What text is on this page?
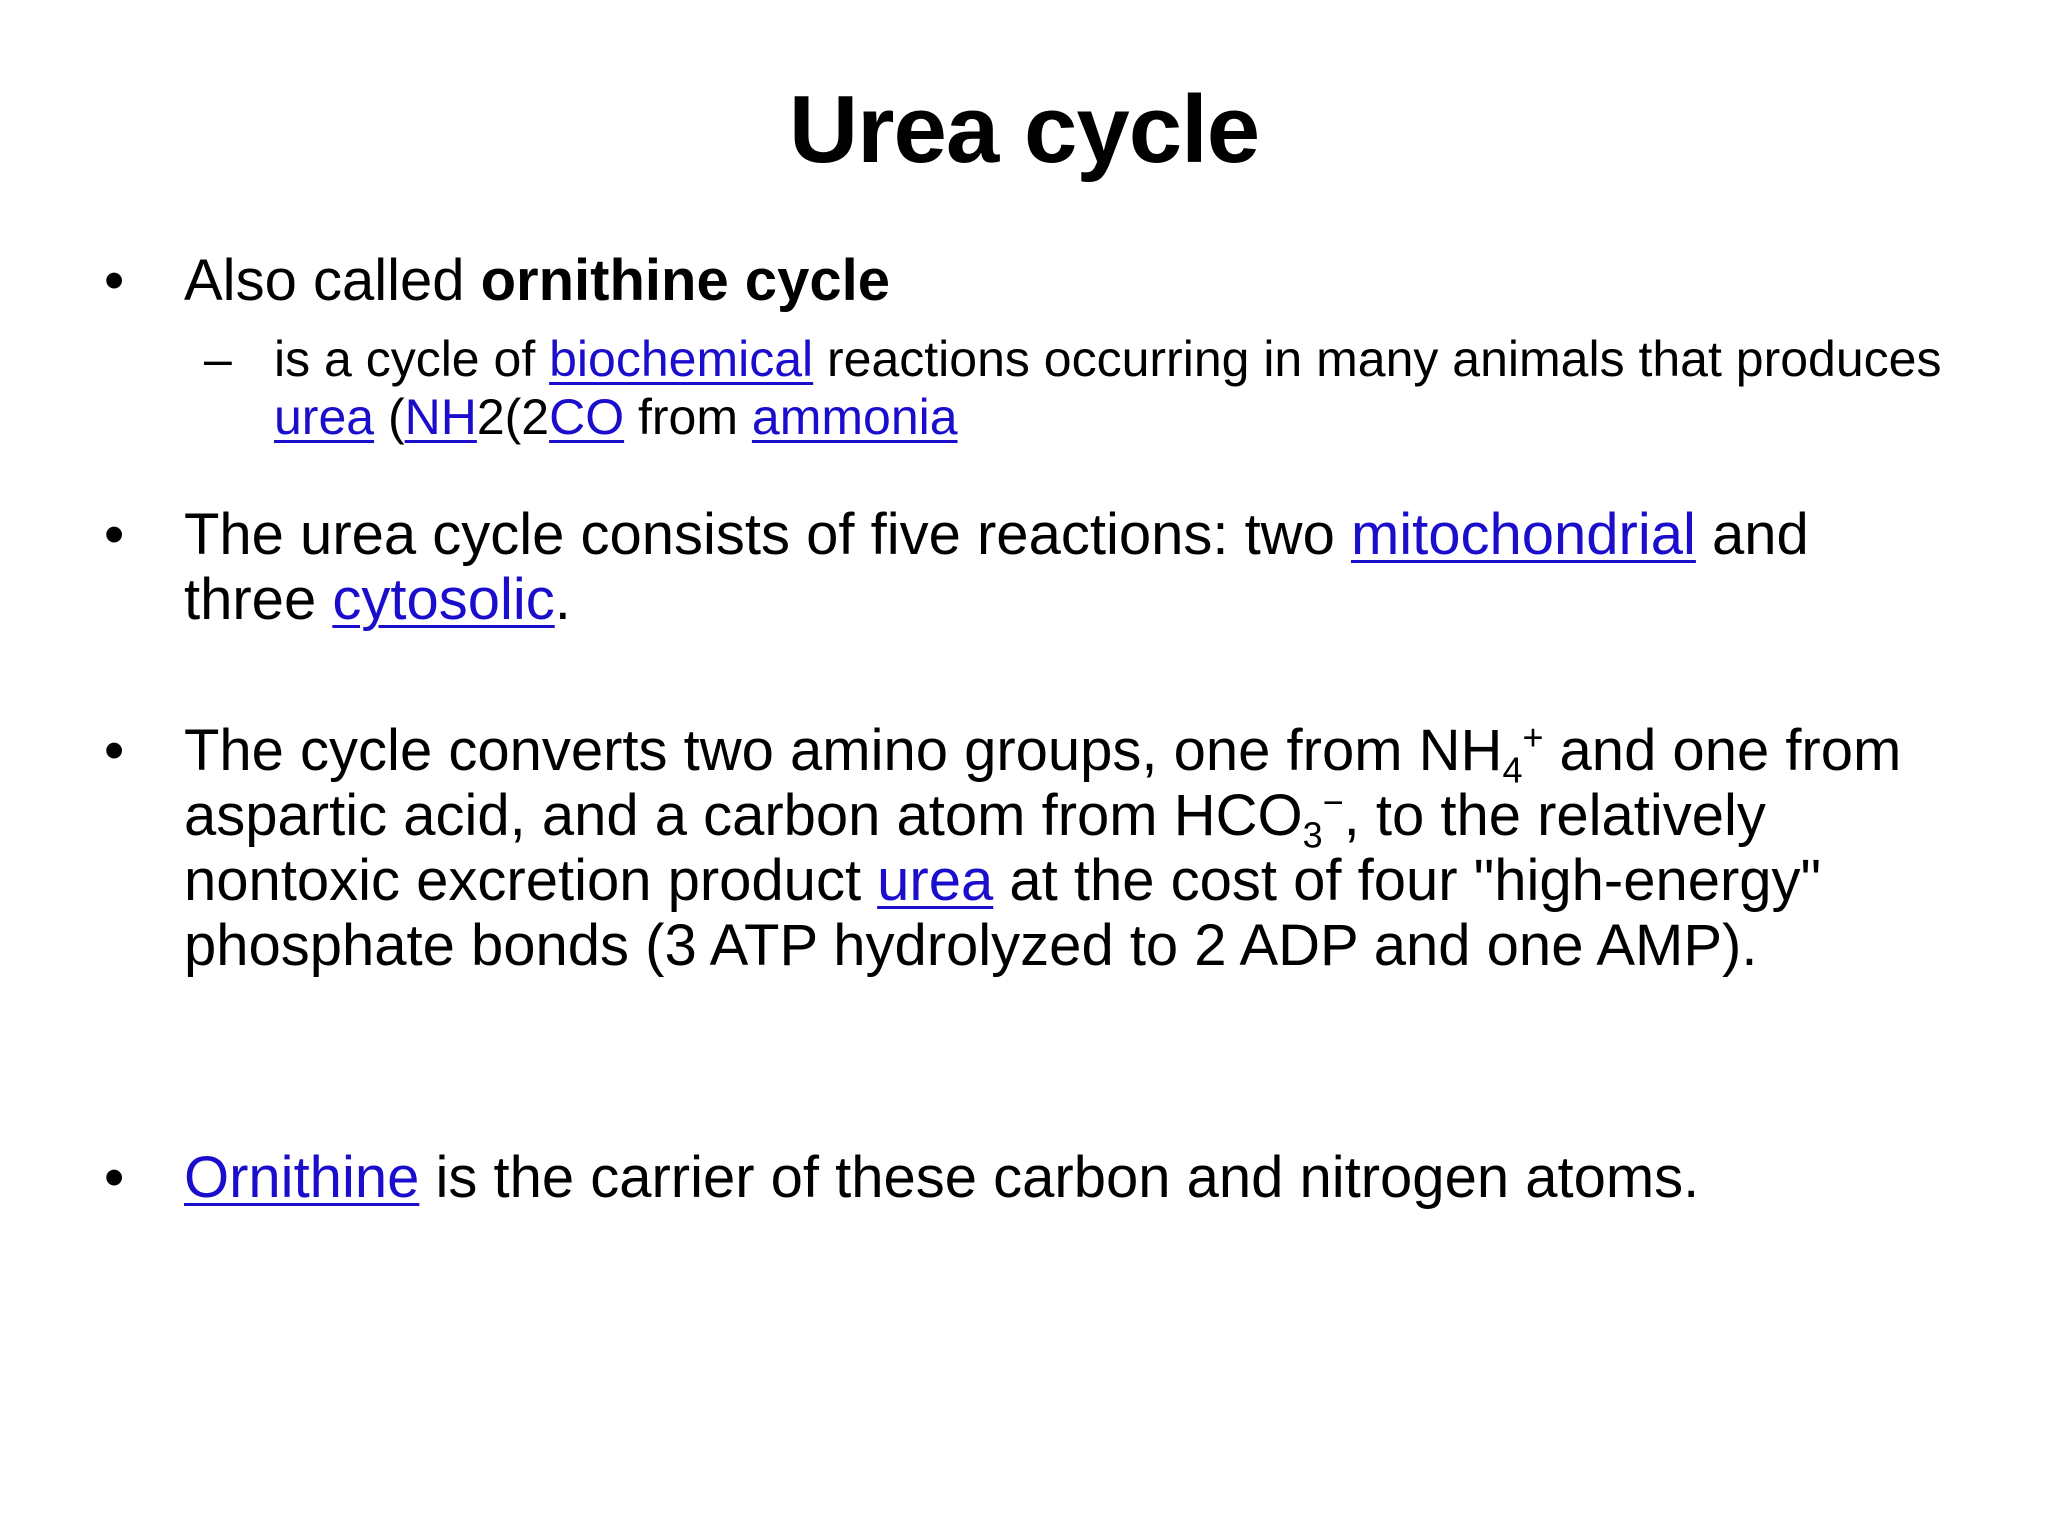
Urea cycle
• Also called ornithine cycle
– is a cycle of biochemical reactions occurring in many animals that produces urea (NH2(2CO from ammonia
• The urea cycle consists of five reactions: two mitochondrial and three cytosolic.
• The cycle converts two amino groups, one from $NH_4^+$ and one from aspartic acid, and a carbon atom from $HCO_3^-$, to the relatively nontoxic excretion product urea at the cost of four "high-energy" phosphate bonds (3 ATP hydrolyzed to 2 ADP and one AMP).
• Ornithine is the carrier of these carbon and nitrogen atoms.
